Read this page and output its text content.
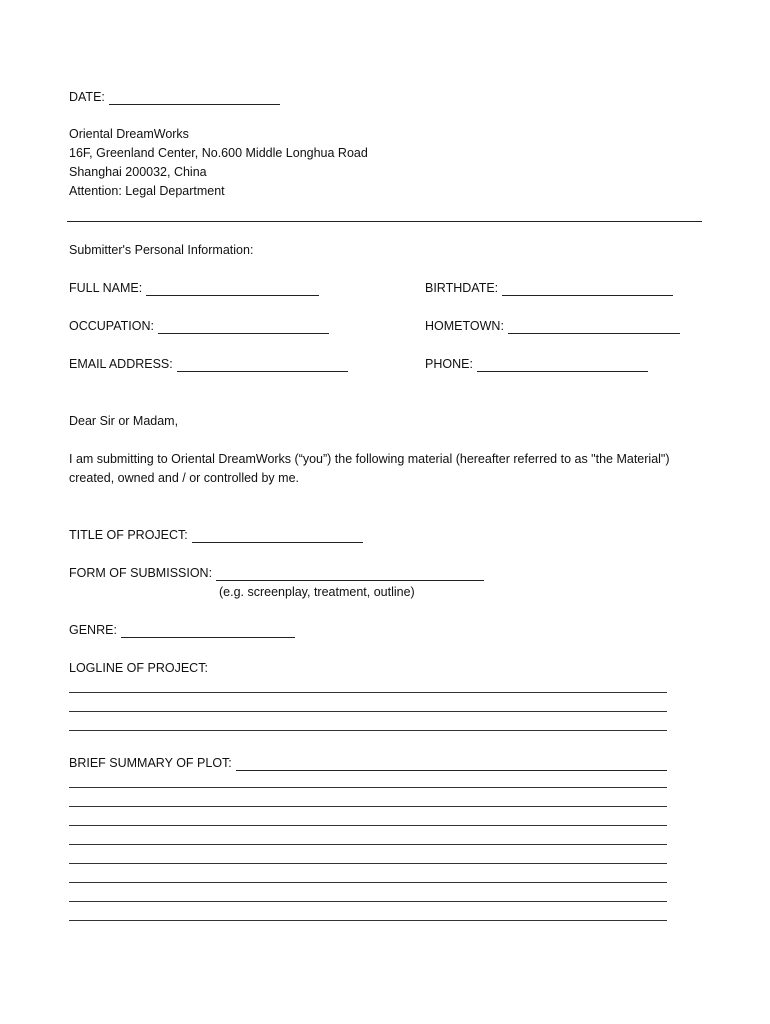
DATE:
Oriental DreamWorks
16F, Greenland Center, No.600 Middle Longhua Road
Shanghai 200032, China
Attention: Legal Department
Submitter's Personal Information:
FULL NAME:	BIRTHDATE:
OCCUPATION:	HOMETOWN:
EMAIL ADDRESS:	PHONE:
Dear Sir or Madam,
I am submitting to Oriental DreamWorks (“you”) the following material (hereafter referred to as "the Material")
created, owned and / or controlled by me.
TITLE OF PROJECT:
FORM OF SUBMISSION:
(e.g. screenplay, treatment, outline)
GENRE:
LOGLINE OF PROJECT:
BRIEF SUMMARY OF PLOT:
